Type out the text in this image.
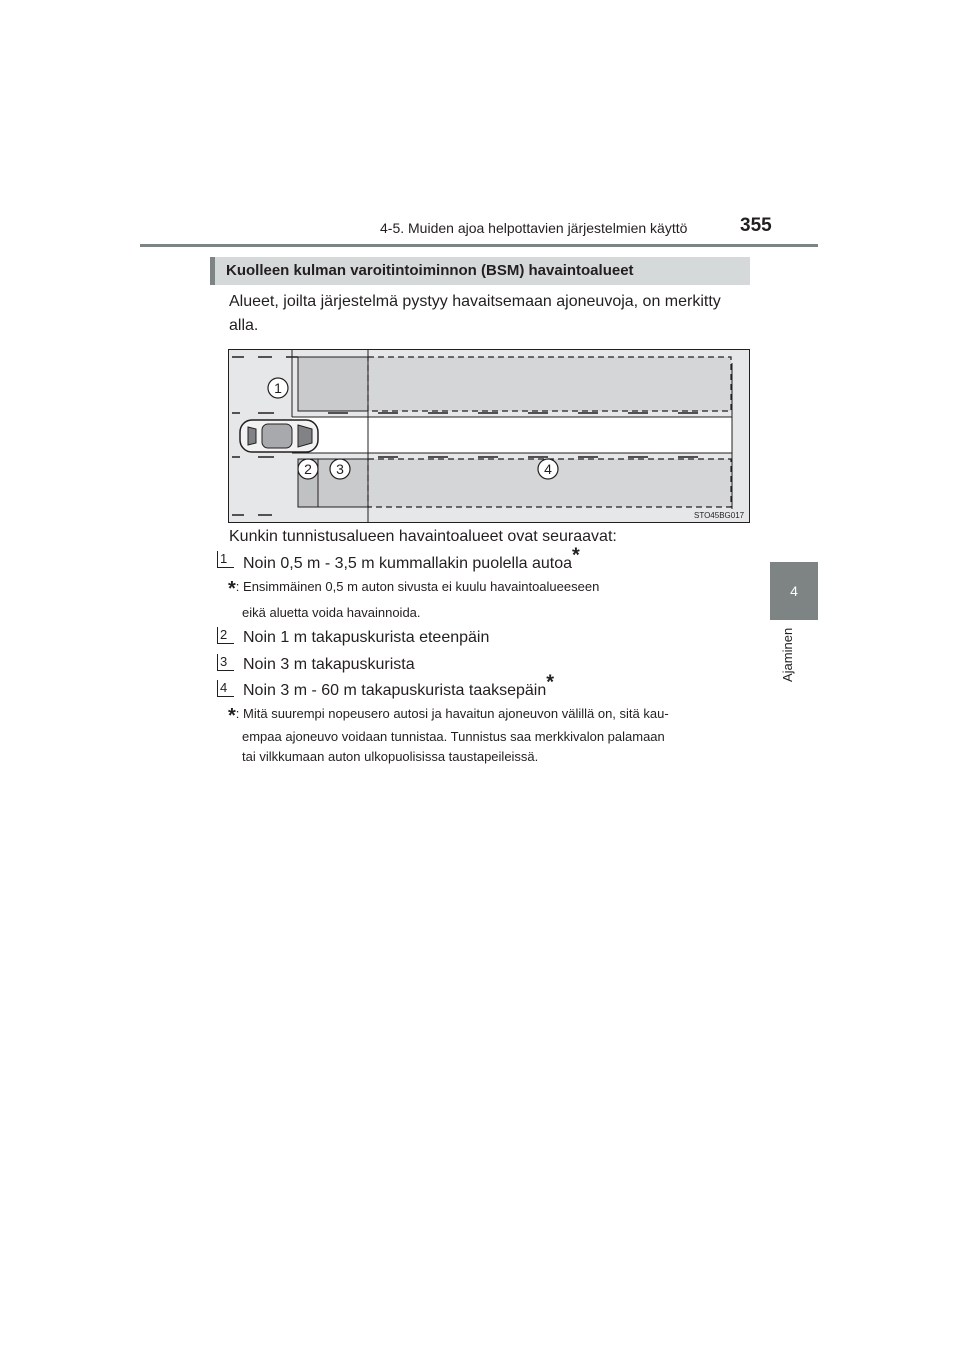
4-5. Muiden ajoa helpottavien järjestelmien käyttö	355
4
Ajaminen
Kuolleen kulman varoitintoiminnon (BSM) havaintoalueet
Alueet, joilta järjestelmä pystyy havaitsemaan ajoneuvoja, on merkitty alla.
1
2 3	4
STO45BG017
Kunkin tunnistusalueen havaintoalueet ovat seuraavat:
1 Noin 0,5 m - 3,5 m kummallakin puolella autoa*
*: Ensimmäinen 0,5 m auton sivusta ei kuulu havaintoalueeseen
eikä aluetta voida havainnoida.
2 Noin 1 m takapuskurista eteenpäin
3 Noin 3 m takapuskurista
4 Noin 3 m - 60 m takapuskurista taaksepäin*
*: Mitä suurempi nopeusero autosi ja havaitun ajoneuvon välillä on, sitä kau-
empaa ajoneuvo voidaan tunnistaa. Tunnistus saa merkkivalon palamaan
tai vilkkumaan auton ulkopuolisissa taustapeileissä.
